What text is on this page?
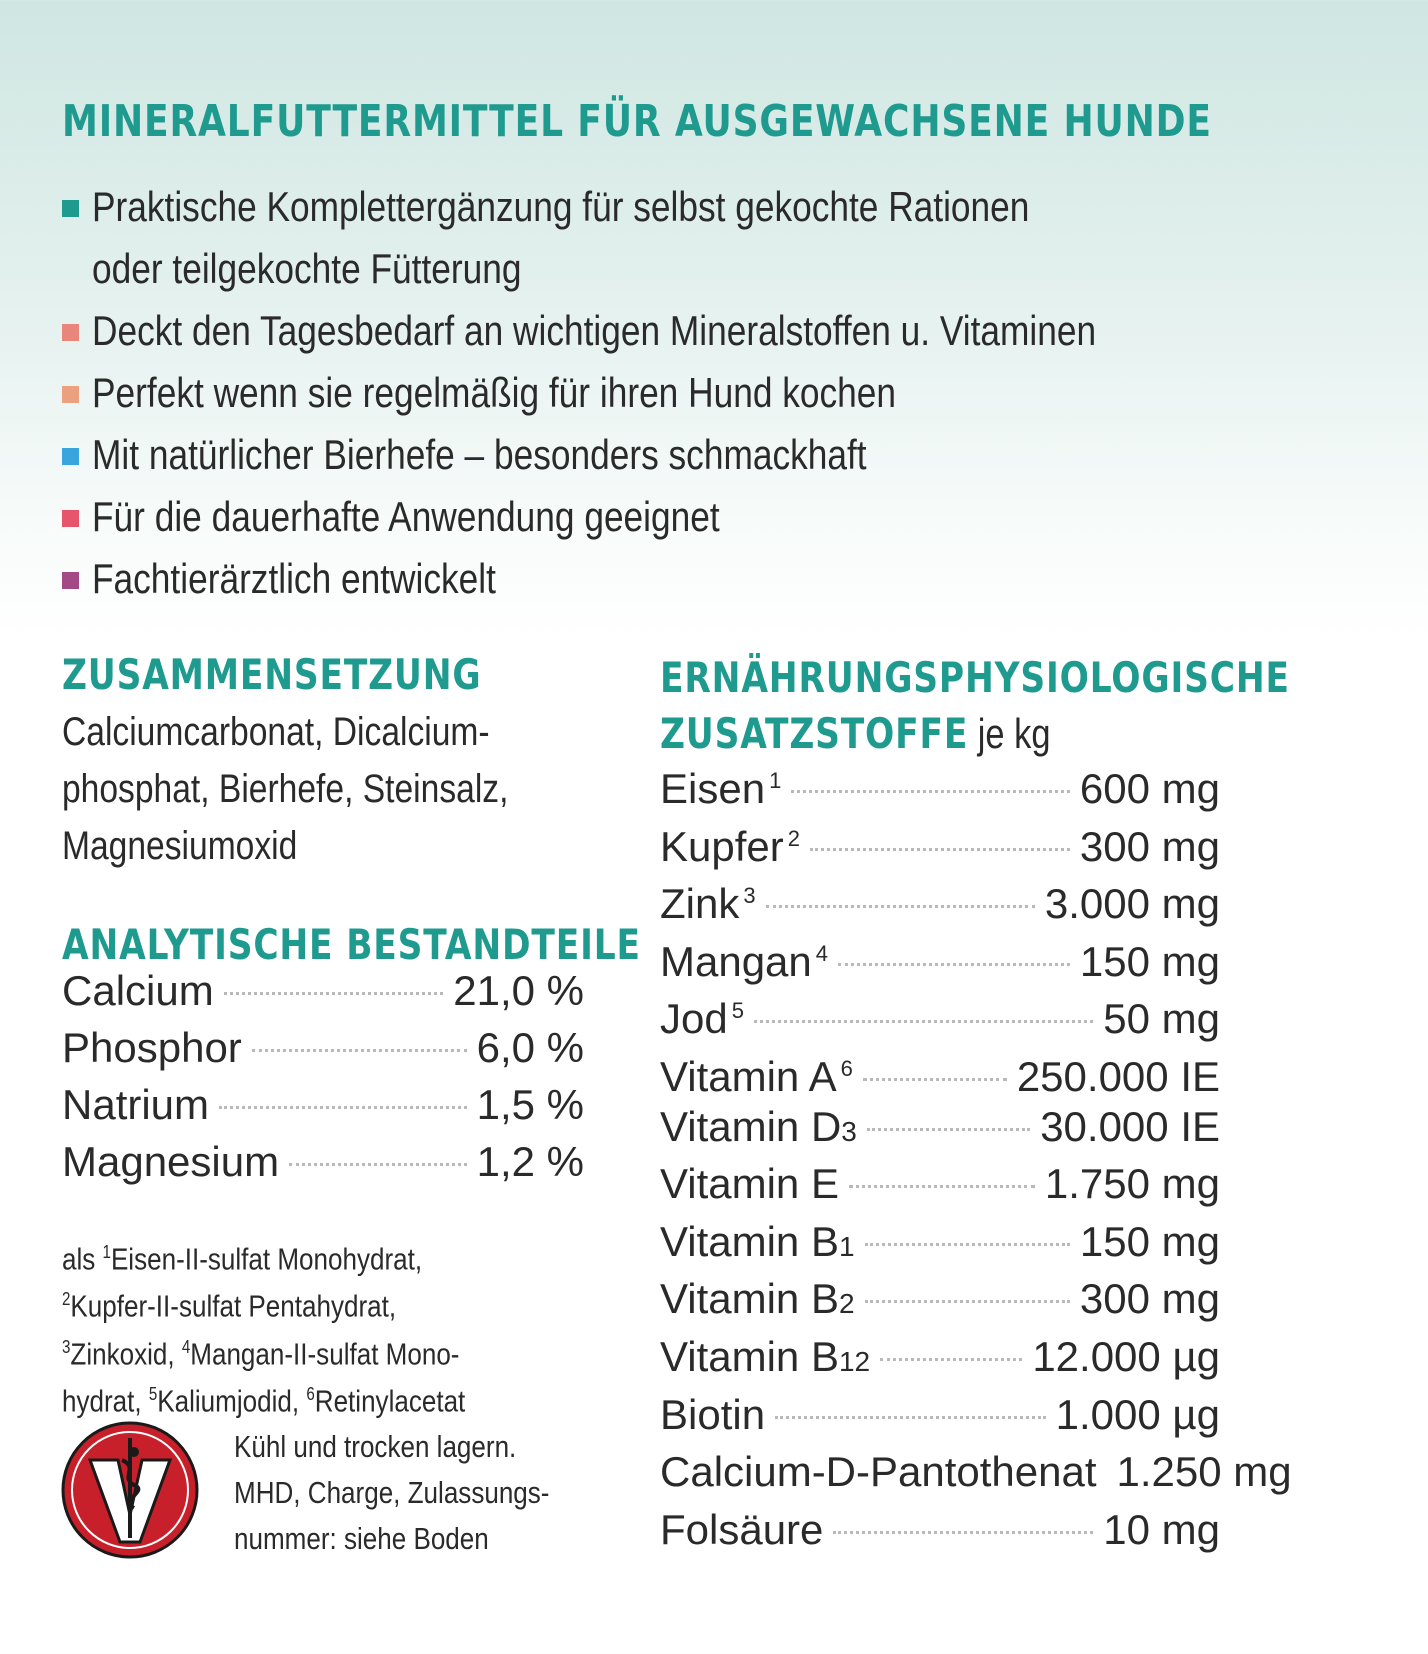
MINERALFUTTERMITTEL FÜR AUSGEWACHSENE HUNDE
Praktische Komplettergänzung für selbst gekochte Rationen
oder teilgekochte Fütterung
Deckt den Tagesbedarf an wichtigen Mineralstoffen u. Vitaminen
Perfekt wenn sie regelmäßig für ihren Hund kochen
Mit natürlicher Bierhefe – besonders schmackhaft
Für die dauerhafte Anwendung geeignet
Fachtierärztlich entwickelt
ZUSAMMENSETZUNG
Calciumcarbonat, Dicalcium-
phosphat, Bierhefe, Steinsalz,
Magnesiumoxid
ANALYTISCHE BESTANDTEILE
Calcium	21,0 %
Phosphor	6,0 %
Natrium	1,5 %
Magnesium	1,2 %
als $^1$Eisen-II-sulfat Monohydrat,
$^2$Kupfer-II-sulfat Pentahydrat,
$^3$Zinkoxid, $^4$Mangan-II-sulfat Mono-
hydrat, $^5$Kaliumjodid, $^6$Retinylacetat
Kühl und trocken lagern.
MHD, Charge, Zulassungs-
nummer: siehe Boden
ERNÄHRUNGSPHYSIOLOGISCHE
ZUSATZSTOFFE je kg
Eisen $^1$	600 mg
Kupfer $^2$	300 mg
Zink $^3$	3.000 mg
Mangan $^4$	150 mg
Jod $^5$	50 mg
Vitamin A $^6$	250.000 IE
Vitamin D3	30.000 IE
Vitamin E	1.750 mg
Vitamin B1	150 mg
Vitamin B2	300 mg
Vitamin B12	12.000 µg
Biotin	1.000 µg
Calcium-D-Pantothenat 1.250 mg
Folsäure	10 mg
